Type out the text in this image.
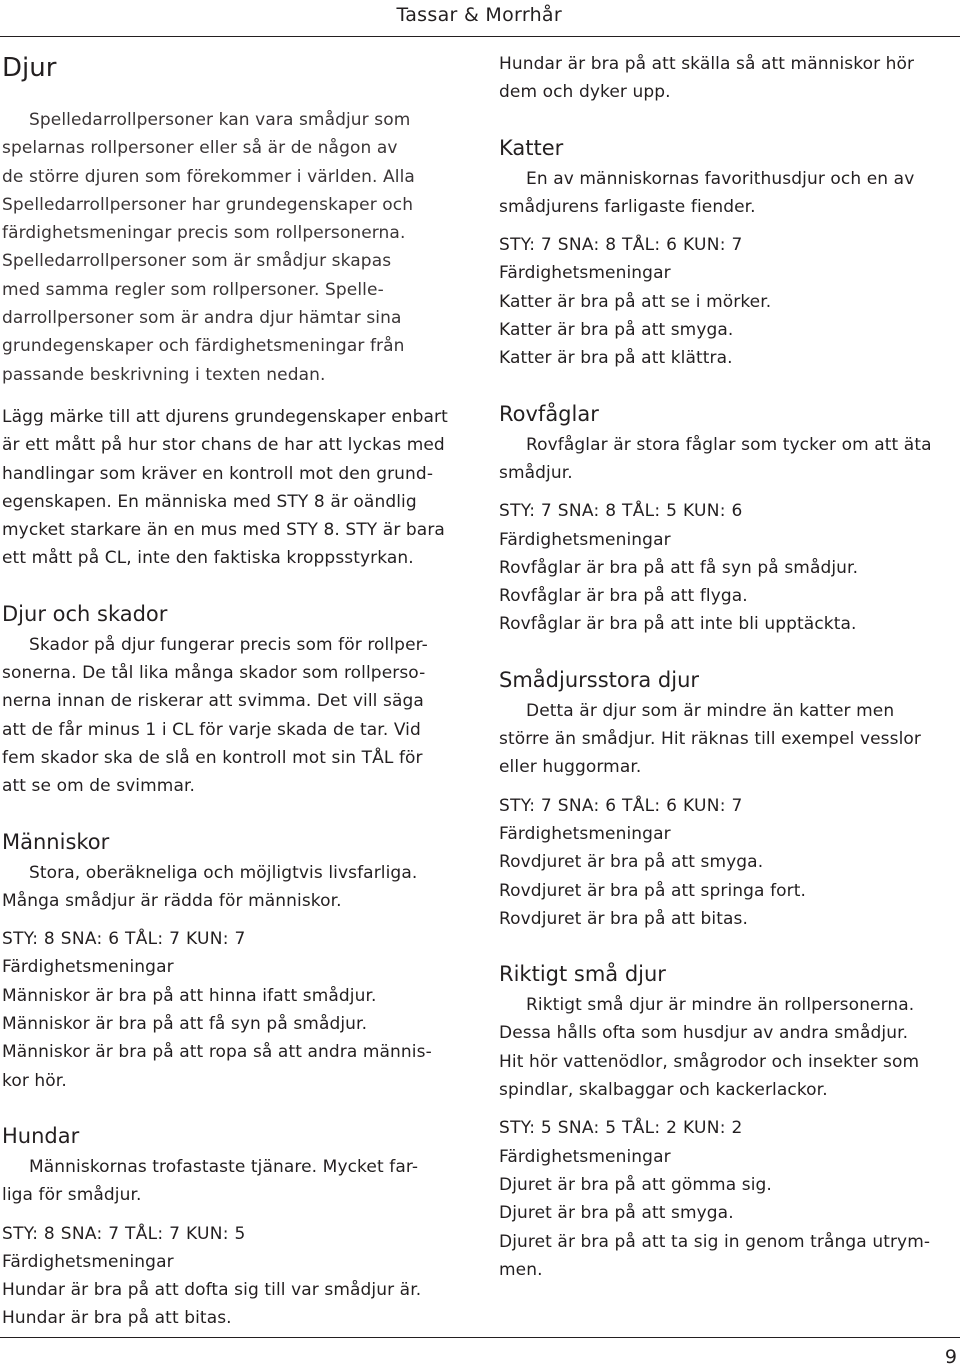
Tassar & Morrhår
Djur

Spelledarrollpersoner kan vara smådjur som

spelarnas rollpersoner eller så är de någon av

de större djuren som förekommer i världen. Alla

Spelledarrollpersoner har grundegenskaper och

färdighetsmeningar precis som rollpersonerna.

Spelledarrollpersoner som är smådjur skapas

med samma regler som rollpersoner. Spelle-

darrollpersoner som är andra djur hämtar sina

grundegenskaper och färdighetsmeningar från

passande beskrivning i texten nedan.

Lägg märke till att djurens grundegenskaper enbart

är ett mått på hur stor chans de har att lyckas med

handlingar som kräver en kontroll mot den grund-

egenskapen. En människa med STY 8 är oändlig

mycket starkare än en mus med STY 8. STY är bara

ett mått på CL, inte den faktiska kroppsstyrkan.

Djur och skador

Skador på djur fungerar precis som för rollper-

sonerna. De tål lika många skador som rollperso-

nerna innan de riskerar att svimma. Det vill säga

att de får minus 1 i CL för varje skada de tar. Vid

fem skador ska de slå en kontroll mot sin TÅL för

att se om de svimmar.

Människor

Stora, oberäkneliga och möjligtvis livsfarliga.

Många smådjur är rädda för människor.

STY: 8 SNA: 6 TÅL: 7 KUN: 7

Färdighetsmeningar

Människor är bra på att hinna ifatt smådjur.

Människor är bra på att få syn på smådjur.

Människor är bra på att ropa så att andra männis-

kor hör.

Hundar

Människornas trofastaste tjänare. Mycket far-

liga för smådjur.

STY: 8 SNA: 7 TÅL: 7 KUN: 5

Färdighetsmeningar

Hundar är bra på att dofta sig till var smådjur är.

Hundar är bra på att bitas.

Hundar är bra på att skälla så att människor hör

dem och dyker upp.

Katter

En av människornas favorithusdjur och en av

smådjurens farligaste fiender.

STY: 7 SNA: 8 TÅL: 6 KUN: 7

Färdighetsmeningar

Katter är bra på att se i mörker.

Katter är bra på att smyga.

Katter är bra på att klättra.

Rovfåglar

Rovfåglar är stora fåglar som tycker om att äta

smådjur.

STY: 7 SNA: 8 TÅL: 5 KUN: 6

Färdighetsmeningar

Rovfåglar är bra på att få syn på smådjur.

Rovfåglar är bra på att flyga.

Rovfåglar är bra på att inte bli upptäckta.

Smådjursstora djur

Detta är djur som är mindre än katter men

större än smådjur. Hit räknas till exempel vesslor

eller huggormar.

STY: 7 SNA: 6 TÅL: 6 KUN: 7

Färdighetsmeningar

Rovdjuret är bra på att smyga.

Rovdjuret är bra på att springa fort.

Rovdjuret är bra på att bitas.

Riktigt små djur

Riktigt små djur är mindre än rollpersonerna.

Dessa hålls ofta som husdjur av andra smådjur.

Hit hör vattenödlor, smågrodor och insekter som

spindlar, skalbaggar och kackerlackor.

STY: 5 SNA: 5 TÅL: 2 KUN: 2

Färdighetsmeningar

Djuret är bra på att gömma sig.

Djuret är bra på att smyga.

Djuret är bra på att ta sig in genom trånga utrym-

men.

9
